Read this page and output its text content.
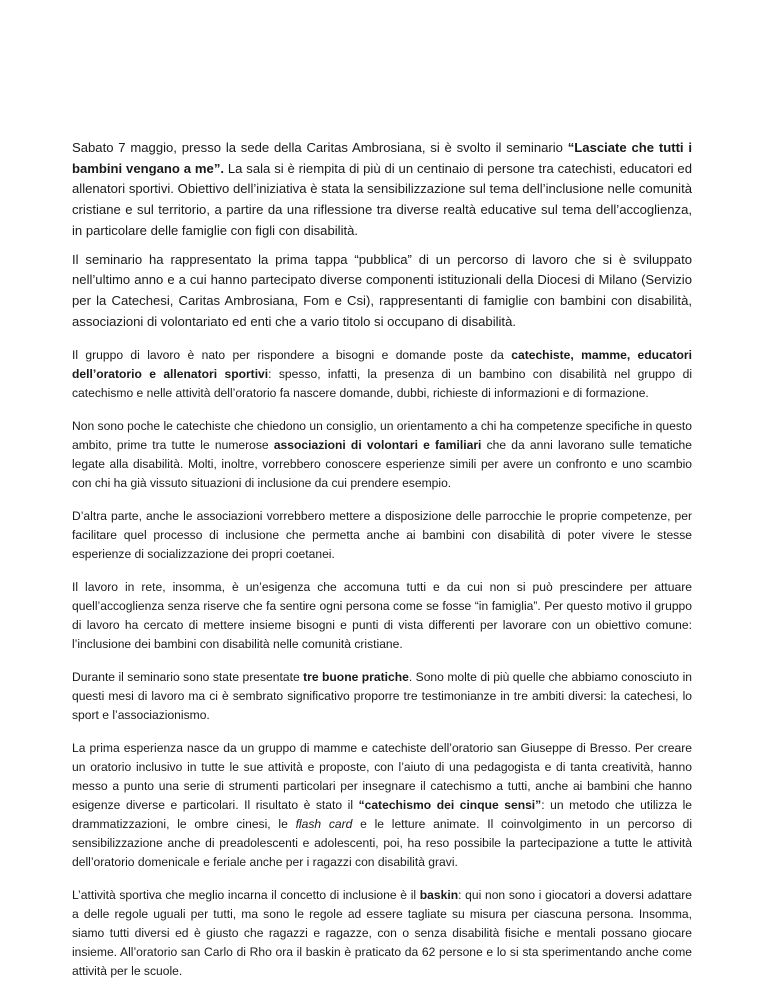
Sabato 7 maggio, presso la sede della Caritas Ambrosiana, si è svolto il seminario “Lasciate che tutti i bambini vengano a me”. La sala si è riempita di più di un centinaio di persone tra catechisti, educatori ed allenatori sportivi. Obiettivo dell’iniziativa è stata la sensibilizzazione sul tema dell’inclusione nelle comunità cristiane e sul territorio, a partire da una riflessione tra diverse realtà educative sul tema dell’accoglienza, in particolare delle famiglie con figli con disabilità.

Il seminario ha rappresentato la prima tappa “pubblica” di un percorso di lavoro che si è sviluppato nell’ultimo anno e a cui hanno partecipato diverse componenti istituzionali della Diocesi di Milano (Servizio per la Catechesi, Caritas Ambrosiana, Fom e Csi), rappresentanti di famiglie con bambini con disabilità, associazioni di volontariato ed enti che a vario titolo si occupano di disabilità.

Il gruppo di lavoro è nato per rispondere a bisogni e domande poste da catechiste, mamme, educatori dell’oratorio e allenatori sportivi: spesso, infatti, la presenza di un bambino con disabilità nel gruppo di catechismo e nelle attività dell’oratorio fa nascere domande, dubbi, richieste di informazioni e di formazione.

Non sono poche le catechiste che chiedono un consiglio, un orientamento a chi ha competenze specifiche in questo ambito, prime tra tutte le numerose associazioni di volontari e familiari che da anni lavorano sulle tematiche legate alla disabilità. Molti, inoltre, vorrebbero conoscere esperienze simili per avere un confronto e uno scambio con chi ha già vissuto situazioni di inclusione da cui prendere esempio.

D’altra parte, anche le associazioni vorrebbero mettere a disposizione delle parrocchie le proprie competenze, per facilitare quel processo di inclusione che permetta anche ai bambini con disabilità di poter vivere le stesse esperienze di socializzazione dei propri coetanei.

Il lavoro in rete, insomma, è un’esigenza che accomuna tutti e da cui non si può prescindere per attuare quell’accoglienza senza riserve che fa sentire ogni persona come se fosse “in famiglia”. Per questo motivo il gruppo di lavoro ha cercato di mettere insieme bisogni e punti di vista differenti per lavorare con un obiettivo comune: l’inclusione dei bambini con disabilità nelle comunità cristiane.

Durante il seminario sono state presentate tre buone pratiche. Sono molte di più quelle che abbiamo conosciuto in questi mesi di lavoro ma ci è sembrato significativo proporre tre testimonianze in tre ambiti diversi: la catechesi, lo sport e l’associazionismo.

La prima esperienza nasce da un gruppo di mamme e catechiste dell’oratorio san Giuseppe di Bresso. Per creare un oratorio inclusivo in tutte le sue attività e proposte, con l’aiuto di una pedagogista e di tanta creatività, hanno messo a punto una serie di strumenti particolari per insegnare il catechismo a tutti, anche ai bambini che hanno esigenze diverse e particolari. Il risultato è stato il “catechismo dei cinque sensi”: un metodo che utilizza le drammatizzazioni, le ombre cinesi, le flash card e le letture animate. Il coinvolgimento in un percorso di sensibilizzazione anche di preadolescenti e adolescenti, poi, ha reso possibile la partecipazione a tutte le attività dell’oratorio domenicale e feriale anche per i ragazzi con disabilità gravi.

L’attività sportiva che meglio incarna il concetto di inclusione è il baskin: qui non sono i giocatori a doversi adattare a delle regole uguali per tutti, ma sono le regole ad essere tagliate su misura per ciascuna persona. Insomma, siamo tutti diversi ed è giusto che ragazzi e ragazze, con o senza disabilità fisiche e mentali possano giocare insieme. All’oratorio san Carlo di Rho ora il baskin è praticato da 62 persone e lo si sta sperimentando anche come attività per le scuole.
